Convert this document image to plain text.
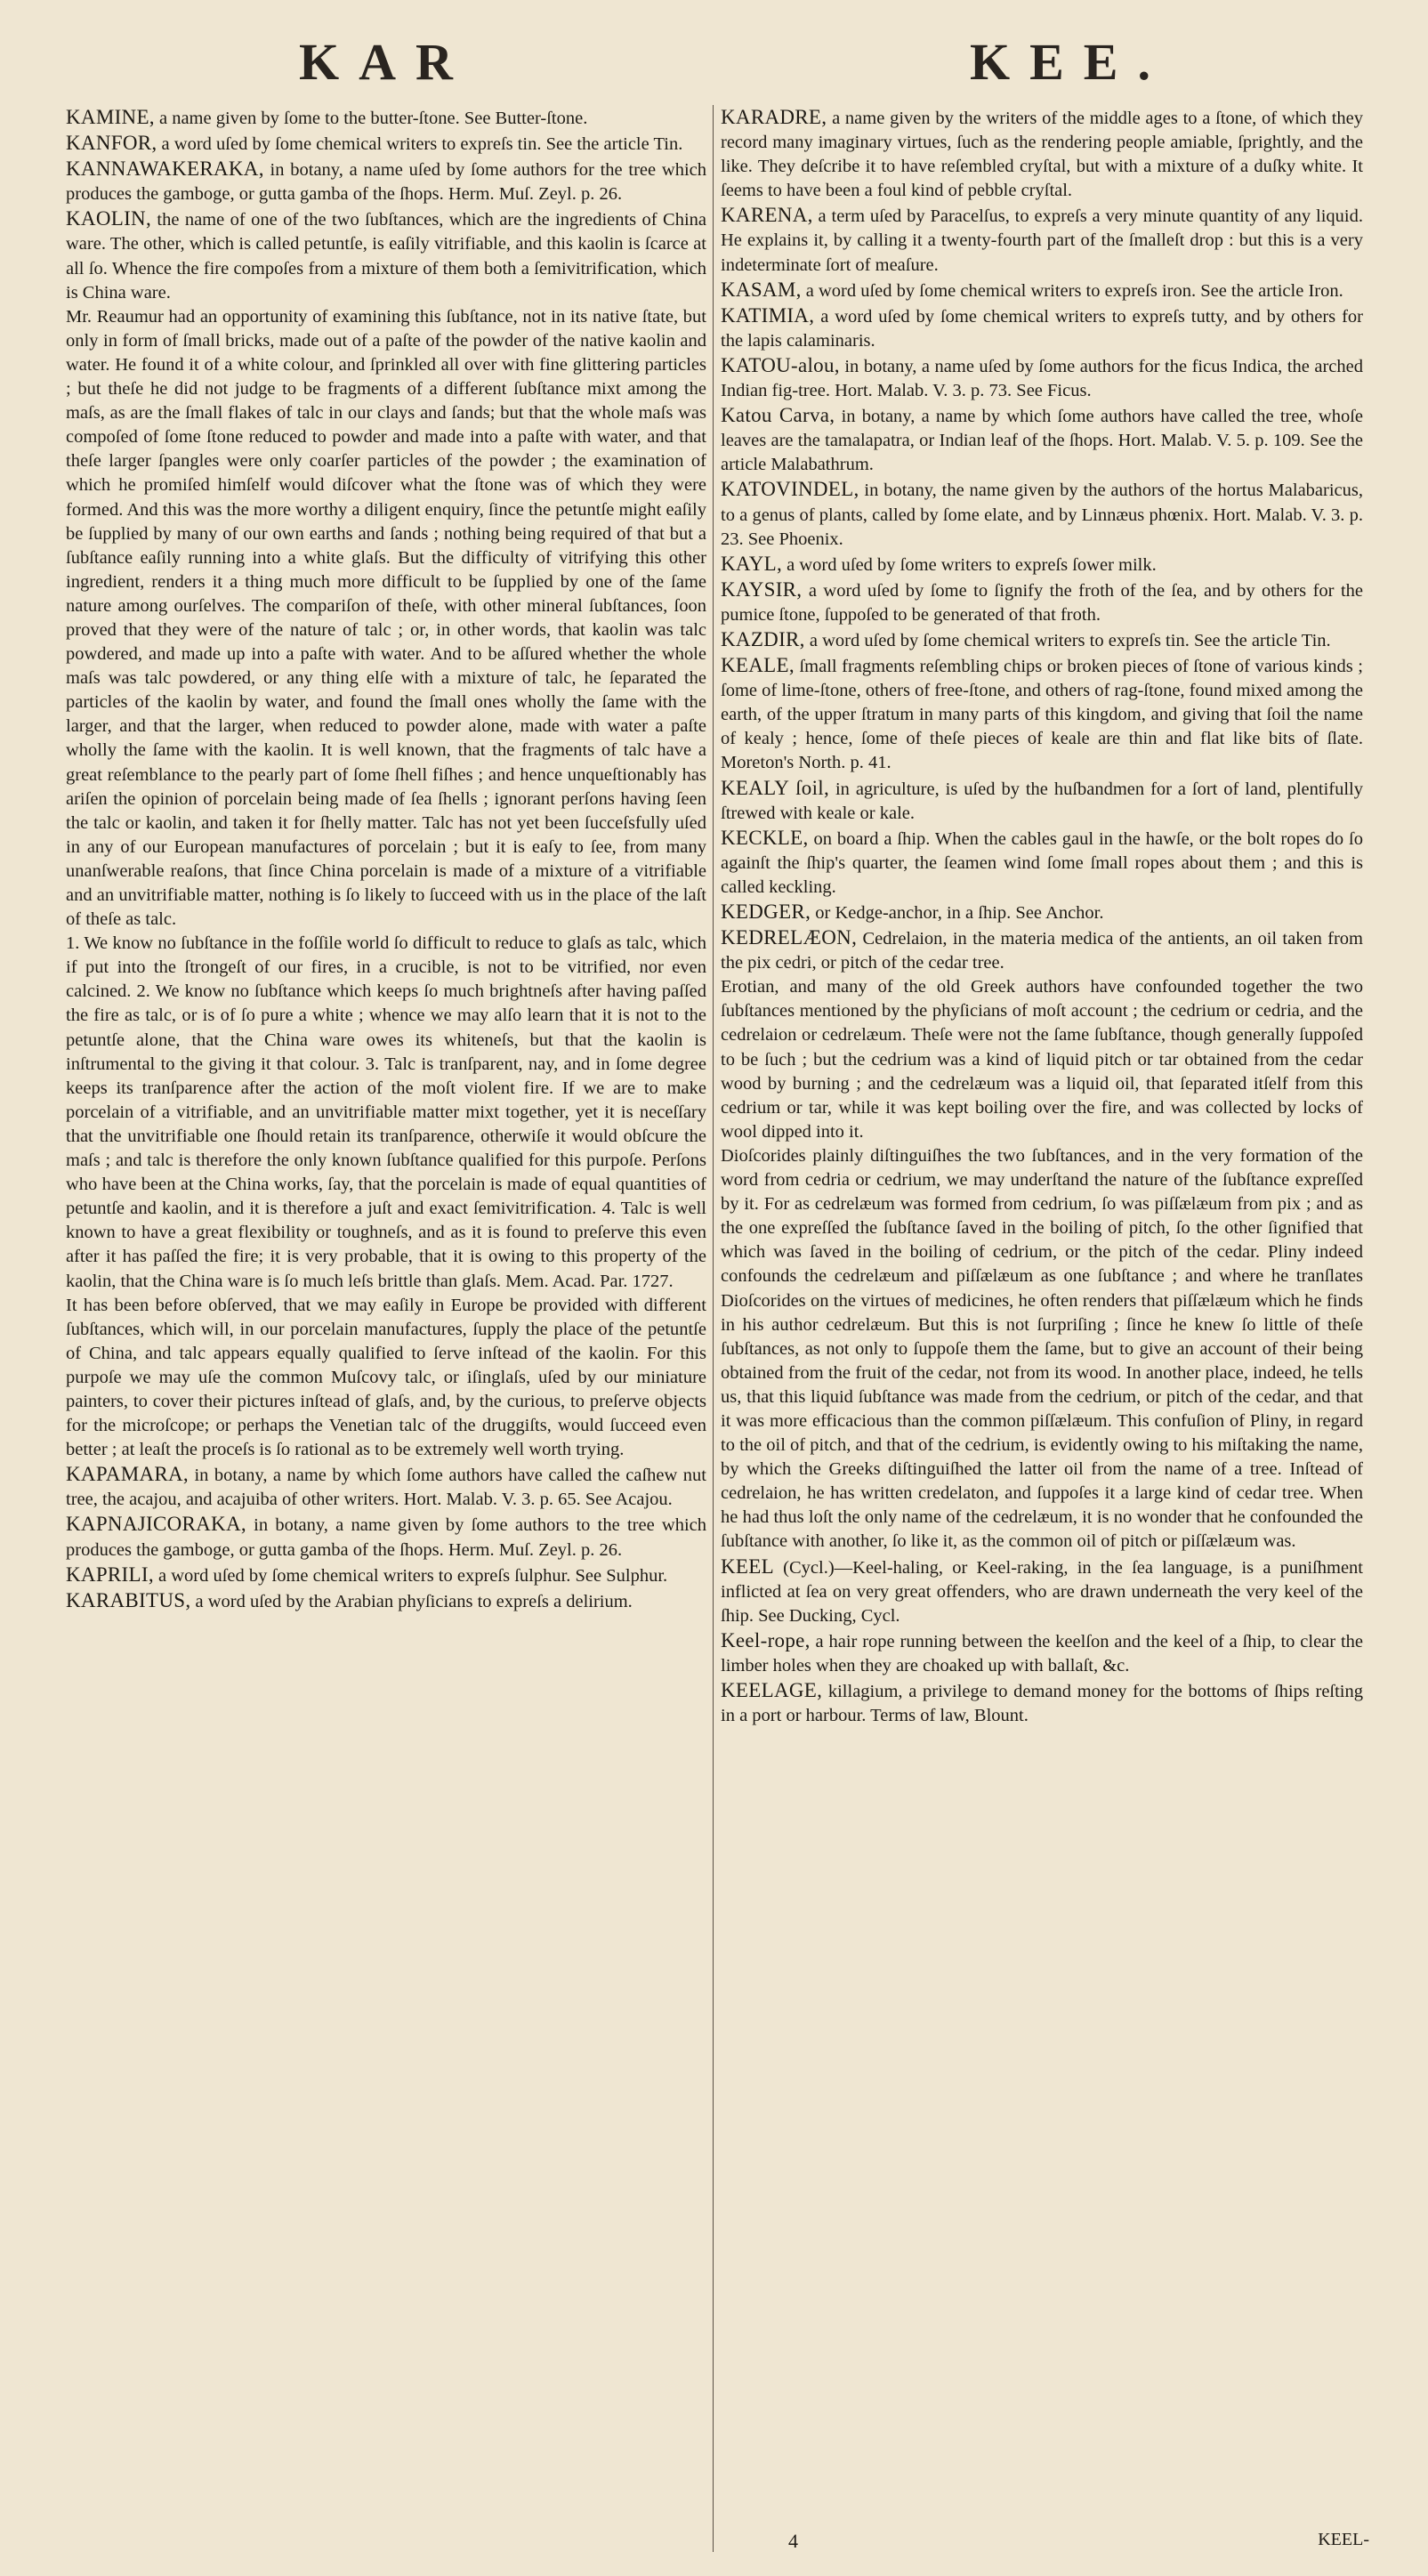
KAR	KEE.

KAMINE, a name given by ſome to the butter-ſtone. See Butter-ſtone.

KANFOR, a word uſed by ſome chemical writers to expreſs tin. See the article Tin.

KANNAWAKERAKA, in botany, a name uſed by ſome authors for the tree which produces the gamboge, or gutta gamba of the ſhops. Herm. Muſ. Zeyl. p. 26.

KAOLIN, the name of one of the two ſubſtances, which are the ingredients of China ware. The other, which is called petuntſe, is eaſily vitrifiable, and this kaolin is ſcarce at all ſo. Whence the fire compoſes from a mixture of them both a ſemivitrification, which is China ware.

Mr. Reaumur had an opportunity of examining this ſubſtance, not in its native ſtate, but only in form of ſmall bricks, made out of a paſte of the powder of the native kaolin and water. He found it of a white colour, and ſprinkled all over with fine glittering particles ; but theſe he did not judge to be fragments of a different ſubſtance mixt among the maſs, as are the ſmall flakes of talc in our clays and ſands; but that the whole maſs was compoſed of ſome ſtone reduced to powder and made into a paſte with water, and that theſe larger ſpangles were only coarſer particles of the powder ; the examination of which he promiſed himſelf would diſcover what the ſtone was of which they were formed. And this was the more worthy a diligent enquiry, ſince the petuntſe might eaſily be ſupplied by many of our own earths and ſands ; nothing being required of that but a ſubſtance eaſily running into a white glaſs. But the difficulty of vitrifying this other ingredient, renders it a thing much more difficult to be ſupplied by one of the ſame nature among ourſelves. The compariſon of theſe, with other mineral ſubſtances, ſoon proved that they were of the nature of talc ; or, in other words, that kaolin was talc powdered, and made up into a paſte with water. And to be aſſured whether the whole maſs was talc powdered, or any thing elſe with a mixture of talc, he ſeparated the particles of the kaolin by water, and found the ſmall ones wholly the ſame with the larger, and that the larger, when reduced to powder alone, made with water a paſte wholly the ſame with the kaolin. It is well known, that the fragments of talc have a great reſemblance to the pearly part of ſome ſhell fiſhes ; and hence unqueſtionably has ariſen the opinion of porcelain being made of ſea ſhells ; ignorant perſons having ſeen the talc or kaolin, and taken it for ſhelly matter. Talc has not yet been ſucceſsfully uſed in any of our European manufactures of porcelain ; but it is eaſy to ſee, from many unanſwerable reaſons, that ſince China porcelain is made of a mixture of a vitrifiable and an unvitrifiable matter, nothing is ſo likely to ſucceed with us in the place of the laſt of theſe as talc.

1. We know no ſubſtance in the foſſile world ſo difficult to reduce to glaſs as talc, which if put into the ſtrongeſt of our fires, in a crucible, is not to be vitrified, nor even calcined. 2. We know no ſubſtance which keeps ſo much brightneſs after having paſſed the fire as talc, or is of ſo pure a white ; whence we may alſo learn that it is not to the petuntſe alone, that the China ware owes its whiteneſs, but that the kaolin is inſtrumental to the giving it that colour. 3. Talc is tranſparent, nay, and in ſome degree keeps its tranſparence after the action of the moſt violent fire. If we are to make porcelain of a vitrifiable, and an unvitrifiable matter mixt together, yet it is neceſſary that the unvitrifiable one ſhould retain its tranſparence, otherwiſe it would obſcure the maſs ; and talc is therefore the only known ſubſtance qualified for this purpoſe. Perſons who have been at the China works, ſay, that the porcelain is made of equal quantities of petuntſe and kaolin, and it is therefore a juſt and exact ſemivitrification. 4. Talc is well known to have a great flexibility or toughneſs, and as it is found to preſerve this even after it has paſſed the fire; it is very probable, that it is owing to this property of the kaolin, that the China ware is ſo much leſs brittle than glaſs. Mem. Acad. Par. 1727.

It has been before obſerved, that we may eaſily in Europe be provided with different ſubſtances, which will, in our porcelain manufactures, ſupply the place of the petuntſe of China, and talc appears equally qualified to ſerve inſtead of the kaolin. For this purpoſe we may uſe the common Muſcovy talc, or iſinglaſs, uſed by our miniature painters, to cover their pictures inſtead of glaſs, and, by the curious, to preſerve objects for the microſcope; or perhaps the Venetian talc of the druggiſts, would ſucceed even better ; at leaſt the proceſs is ſo rational as to be extremely well worth trying.

KAPAMARA, in botany, a name by which ſome authors have called the caſhew nut tree, the acajou, and acajuiba of other writers. Hort. Malab. V. 3. p. 65. See Acajou.

KAPNAJICORAKA, in botany, a name given by ſome authors to the tree which produces the gamboge, or gutta gamba of the ſhops. Herm. Muſ. Zeyl. p. 26.

KAPRILI, a word uſed by ſome chemical writers to expreſs ſulphur. See Sulphur.

KARABITUS, a word uſed by the Arabian phyſicians to expreſs a delirium.

KARADRE, a name given by the writers of the middle ages to a ſtone, of which they record many imaginary virtues, ſuch as the rendering people amiable, ſprightly, and the like. They deſcribe it to have reſembled cryſtal, but with a mixture of a duſky white. It ſeems to have been a foul kind of pebble cryſtal.

KARENA, a term uſed by Paracelſus, to expreſs a very minute quantity of any liquid. He explains it, by calling it a twenty-fourth part of the ſmalleſt drop : but this is a very indeterminate ſort of meaſure.

KASAM, a word uſed by ſome chemical writers to expreſs iron. See the article Iron.

KATIMIA, a word uſed by ſome chemical writers to expreſs tutty, and by others for the lapis calaminaris.

KATOU-alou, in botany, a name uſed by ſome authors for the ficus Indica, the arched Indian fig-tree. Hort. Malab. V. 3. p. 73. See Ficus.

Katou Carva, in botany, a name by which ſome authors have called the tree, whoſe leaves are the tamalapatra, or Indian leaf of the ſhops. Hort. Malab. V. 5. p. 109. See the article Malabathrum.

KATOVINDEL, in botany, the name given by the authors of the hortus Malabaricus, to a genus of plants, called by ſome elate, and by Linnæus phœnix. Hort. Malab. V. 3. p. 23. See Phoenix.

KAYL, a word uſed by ſome writers to expreſs ſower milk.

KAYSIR, a word uſed by ſome to ſignify the froth of the ſea, and by others for the pumice ſtone, ſuppoſed to be generated of that froth.

KAZDIR, a word uſed by ſome chemical writers to expreſs tin. See the article Tin.

KEALE, ſmall fragments reſembling chips or broken pieces of ſtone of various kinds ; ſome of lime-ſtone, others of free-ſtone, and others of rag-ſtone, found mixed among the earth, of the upper ſtratum in many parts of this kingdom, and giving that ſoil the name of kealy ; hence, ſome of theſe pieces of keale are thin and flat like bits of ſlate. Moreton's North. p. 41.

KEALY ſoil, in agriculture, is uſed by the huſbandmen for a ſort of land, plentifully ſtrewed with keale or kale.

KECKLE, on board a ſhip. When the cables gaul in the hawſe, or the bolt ropes do ſo againſt the ſhip's quarter, the ſeamen wind ſome ſmall ropes about them ; and this is called keckling.

KEDGER, or Kedge-anchor, in a ſhip. See Anchor.

KEDRELÆON, Cedrelaion, in the materia medica of the antients, an oil taken from the pix cedri, or pitch of the cedar tree.

Erotian, and many of the old Greek authors have confounded together the two ſubſtances mentioned by the phyſicians of moſt account ; the cedrium or cedria, and the cedrelaion or cedrelæum. Theſe were not the ſame ſubſtance, though generally ſuppoſed to be ſuch ; but the cedrium was a kind of liquid pitch or tar obtained from the cedar wood by burning ; and the cedrelæum was a liquid oil, that ſeparated itſelf from this cedrium or tar, while it was kept boiling over the fire, and was collected by locks of wool dipped into it.

Dioſcorides plainly diſtinguiſhes the two ſubſtances, and in the very formation of the word from cedria or cedrium, we may underſtand the nature of the ſubſtance expreſſed by it. For as cedrelæum was formed from cedrium, ſo was piſſælæum from pix ; and as the one expreſſed the ſubſtance ſaved in the boiling of pitch, ſo the other ſignified that which was ſaved in the boiling of cedrium, or the pitch of the cedar. Pliny indeed confounds the cedrelæum and piſſælæum as one ſubſtance ; and where he tranſlates Dioſcorides on the virtues of medicines, he often renders that piſſælæum which he finds in his author cedrelæum. But this is not ſurpriſing ; ſince he knew ſo little of theſe ſubſtances, as not only to ſuppoſe them the ſame, but to give an account of their being obtained from the fruit of the cedar, not from its wood. In another place, indeed, he tells us, that this liquid ſubſtance was made from the cedrium, or pitch of the cedar, and that it was more efficacious than the common piſſælæum. This confuſion of Pliny, in regard to the oil of pitch, and that of the cedrium, is evidently owing to his miſtaking the name, by which the Greeks diſtinguiſhed the latter oil from the name of a tree. Inſtead of cedrelaion, he has written credelaton, and ſuppoſes it a large kind of cedar tree. When he had thus loſt the only name of the cedrelæum, it is no wonder that he confounded the ſubſtance with another, ſo like it, as the common oil of pitch or piſſælæum was.

KEEL (Cycl.)—Keel-haling, or Keel-raking, in the ſea language, is a puniſhment inflicted at ſea on very great offenders, who are drawn underneath the very keel of the ſhip. See Ducking, Cycl.

Keel-rope, a hair rope running between the keelſon and the keel of a ſhip, to clear the limber holes when they are choaked up with ballaſt, &c.

KEELAGE, killagium, a privilege to demand money for the bottoms of ſhips reſting in a port or harbour. Terms of law, Blount.

4	KEEL-
